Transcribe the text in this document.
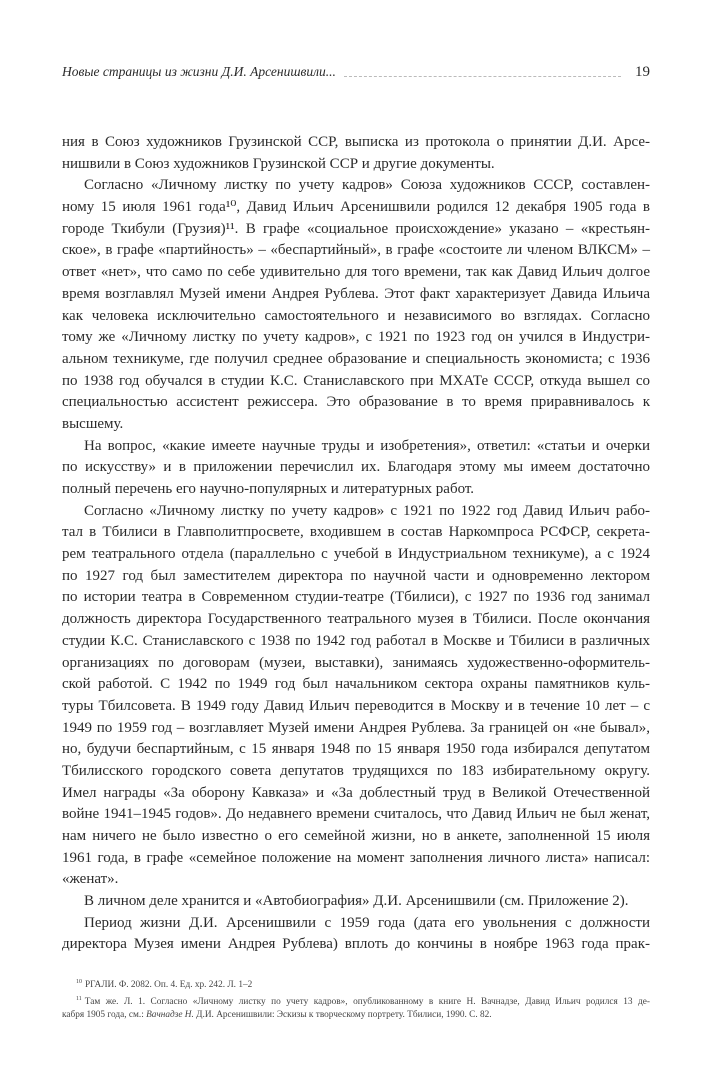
Новые страницы из жизни Д.И. Арсенишвили...	19
ния в Союз художников Грузинской ССР, выписка из протокола о принятии Д.И. Арсе-
нишвили в Союз художников Грузинской ССР и другие документы.
Согласно «Личному листку по учету кадров» Союза художников СССР, составлен-
ному 15 июля 1961 года¹⁰, Давид Ильич Арсенишвили родился 12 декабря 1905 года в
городе Ткибули (Грузия)¹¹. В графе «социальное происхождение» указано – «крестьян-
ское», в графе «партийность» – «беспартийный», в графе «состоите ли членом ВЛКСМ» –
ответ «нет», что само по себе удивительно для того времени, так как Давид Ильич долгое
время возглавлял Музей имени Андрея Рублева. Этот факт характеризует Давида Ильича
как человека исключительно самостоятельного и независимого во взглядах. Согласно
тому же «Личному листку по учету кадров», с 1921 по 1923 год он учился в Индустри-
альном техникуме, где получил среднее образование и специальность экономиста; с 1936
по 1938 год обучался в студии К.С. Станиславского при МХАТе СССР, откуда вышел со
специальностью ассистент режиссера. Это образование в то время приравнивалось к
высшему.
На вопрос, «какие имеете научные труды и изобретения», ответил: «статьи и очерки
по искусству» и в приложении перечислил их. Благодаря этому мы имеем достаточно
полный перечень его научно-популярных и литературных работ.
Согласно «Личному листку по учету кадров» с 1921 по 1922 год Давид Ильич рабо-
тал в Тбилиси в Главполитпросвете, входившем в состав Наркомпроса РСФСР, секрета-
рем театрального отдела (параллельно с учебой в Индустриальном техникуме), а с 1924
по 1927 год был заместителем директора по научной части и одновременно лектором
по истории театра в Современном студии-театре (Тбилиси), с 1927 по 1936 год занимал
должность директора Государственного театрального музея в Тбилиси. После окончания
студии К.С. Станиславского с 1938 по 1942 год работал в Москве и Тбилиси в различных
организациях по договорам (музеи, выставки), занимаясь художественно-оформитель-
ской работой. С 1942 по 1949 год был начальником сектора охраны памятников куль-
туры Тбилсовета. В 1949 году Давид Ильич переводится в Москву и в течение 10 лет – с
1949 по 1959 год – возглавляет Музей имени Андрея Рублева. За границей он «не бывал»,
но, будучи беспартийным, с 15 января 1948 по 15 января 1950 года избирался депутатом
Тбилисского городского совета депутатов трудящихся по 183 избирательному округу.
Имел награды «За оборону Кавказа» и «За доблестный труд в Великой Отечественной
войне 1941–1945 годов». До недавнего времени считалось, что Давид Ильич не был женат,
нам ничего не было известно о его семейной жизни, но в анкете, заполненной 15 июля
1961 года, в графе «семейное положение на момент заполнения личного листа» написал:
«женат».
В личном деле хранится и «Автобиография» Д.И. Арсенишвили (см. Приложение 2).
Период жизни Д.И. Арсенишвили с 1959 года (дата его увольнения с должности
директора Музея имени Андрея Рублева) вплоть до кончины в ноябре 1963 года прак-
$^{10}$ РГАЛИ. Ф. 2082. Оп. 4. Ед. хр. 242. Л. 1–2
$^{11}$ Там же. Л. 1. Согласно «Личному листку по учету кадров», опубликованному в книге Н. Вачнадзе, Давид Ильич родился 13 де-
кабря 1905 года, см.: Вачнадзе Н. Д.И. Арсенишвили: Эскизы к творческому портрету. Тбилиси, 1990. С. 82.
